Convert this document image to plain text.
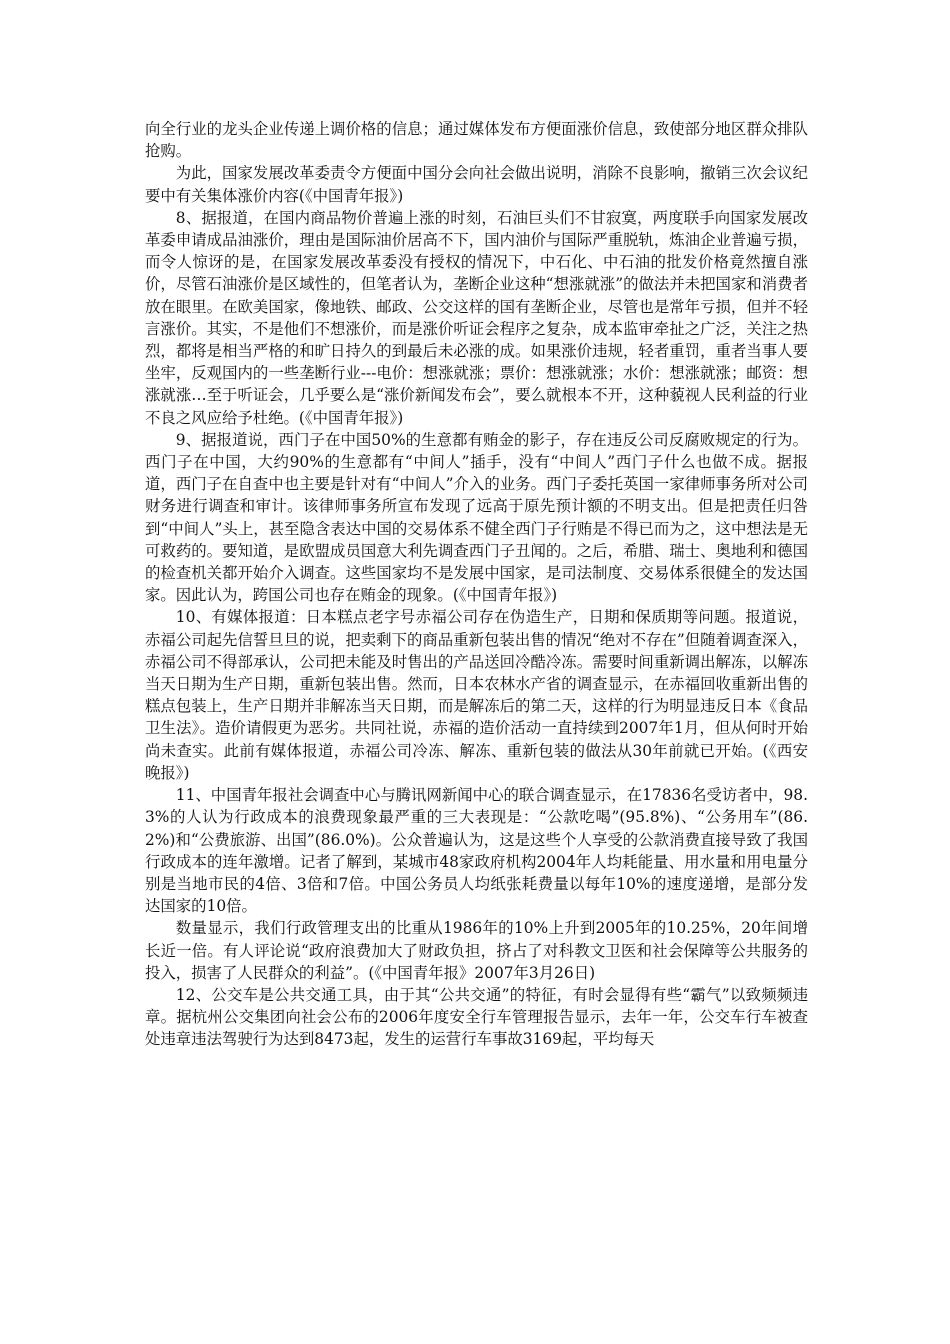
向全行业的龙头企业传递上调价格的信息；通过媒体发布方便面涨价信息，致使部分地区群众排队抢购。

为此，国家发展改革委责令方便面中国分会向社会做出说明，消除不良影响，撤销三次会议纪要中有关集体涨价内容(《中国青年报》)

8、据报道，在国内商品物价普遍上涨的时刻，石油巨头们不甘寂寞，两度联手向国家发展改革委申请成品油涨价，理由是国际油价居高不下，国内油价与国际严重脱轨，炼油企业普遍亏损，而令人惊讶的是，在国家发展改革委没有授权的情况下，中石化、中石油的批发价格竟然擅自涨价，尽管石油涨价是区域性的，但笔者认为，垄断企业这种“想涨就涨”的做法并未把国家和消费者放在眼里。在欧美国家，像地铁、邮政、公交这样的国有垄断企业，尽管也是常年亏损，但并不轻言涨价。其实，不是他们不想涨价，而是涨价听证会程序之复杂，成本监审牵扯之广泛，关注之热烈，都将是相当严格的和旷日持久的到最后未必涨的成。如果涨价违规，轻者重罚，重者当事人要坐牢，反观国内的一些垄断行业---电价：想涨就涨；票价：想涨就涨；水价：想涨就涨；邮资：想涨就涨…至于听证会，几乎要么是“涨价新闻发布会”，要么就根本不开，这种藐视人民利益的行业不良之风应给予杜绝。(《中国青年报》)

9、据报道说，西门子在中国50%的生意都有贿金的影子，存在违反公司反腐败规定的行为。西门子在中国，大约90%的生意都有“中间人”插手，没有“中间人”西门子什么也做不成。据报道，西门子在自查中也主要是针对有“中间人”介入的业务。西门子委托英国一家律师事务所对公司财务进行调查和审计。该律师事务所宣布发现了远高于原先预计额的不明支出。但是把责任归咎到“中间人”头上，甚至隐含表达中国的交易体系不健全西门子行贿是不得已而为之，这中想法是无可救药的。要知道，是欧盟成员国意大利先调查西门子丑闻的。之后，希腊、瑞士、奥地利和德国的检查机关都开始介入调查。这些国家均不是发展中国家，是司法制度、交易体系很健全的发达国家。因此认为，跨国公司也存在贿金的现象。(《中国青年报》)

10、有媒体报道：日本糕点老字号赤福公司存在伪造生产，日期和保质期等问题。报道说，赤福公司起先信誓旦旦的说，把卖剩下的商品重新包装出售的情况“绝对不存在”但随着调查深入，赤福公司不得部承认，公司把未能及时售出的产品送回冷酷冷冻。需要时间重新调出解冻，以解冻当天日期为生产日期，重新包装出售。然而，日本农林水产省的调查显示，在赤福回收重新出售的糕点包装上，生产日期并非解冻当天日期，而是解冻后的第二天，这样的行为明显违反日本《食品卫生法》。造价请假更为恶劣。共同社说，赤福的造价活动一直持续到2007年1月，但从何时开始尚未查实。此前有媒体报道，赤福公司冷冻、解冻、重新包装的做法从30年前就已开始。(《西安晚报》)

11、中国青年报社会调查中心与腾讯网新闻中心的联合调查显示，在17836名受访者中，98.3%的人认为行政成本的浪费现象最严重的三大表现是：“公款吃喝”(95.8%)、“公务用车”(86.2%)和“公费旅游、出国”(86.0%)。公众普遍认为，这是这些个人享受的公款消费直接导致了我国行政成本的连年激增。记者了解到，某城市48家政府机构2004年人均耗能量、用水量和用电量分别是当地市民的4倍、3倍和7倍。中国公务员人均纸张耗费量以每年10%的速度递增，是部分发达国家的10倍。

数量显示，我们行政管理支出的比重从1986年的10%上升到2005年的10.25%，20年间增长近一倍。有人评论说“政府浪费加大了财政负担，挤占了对科教文卫医和社会保障等公共服务的投入，损害了人民群众的利益”。(《中国青年报》2007年3月26日)

12、公交车是公共交通工具，由于其“公共交通”的特征，有时会显得有些“霸气”以致频频违章。据杭州公交集团向社会公布的2006年度安全行车管理报告显示，去年一年，公交车行车被查处违章违法驾驶行为达到8473起，发生的运营行车事故3169起，平均每天
